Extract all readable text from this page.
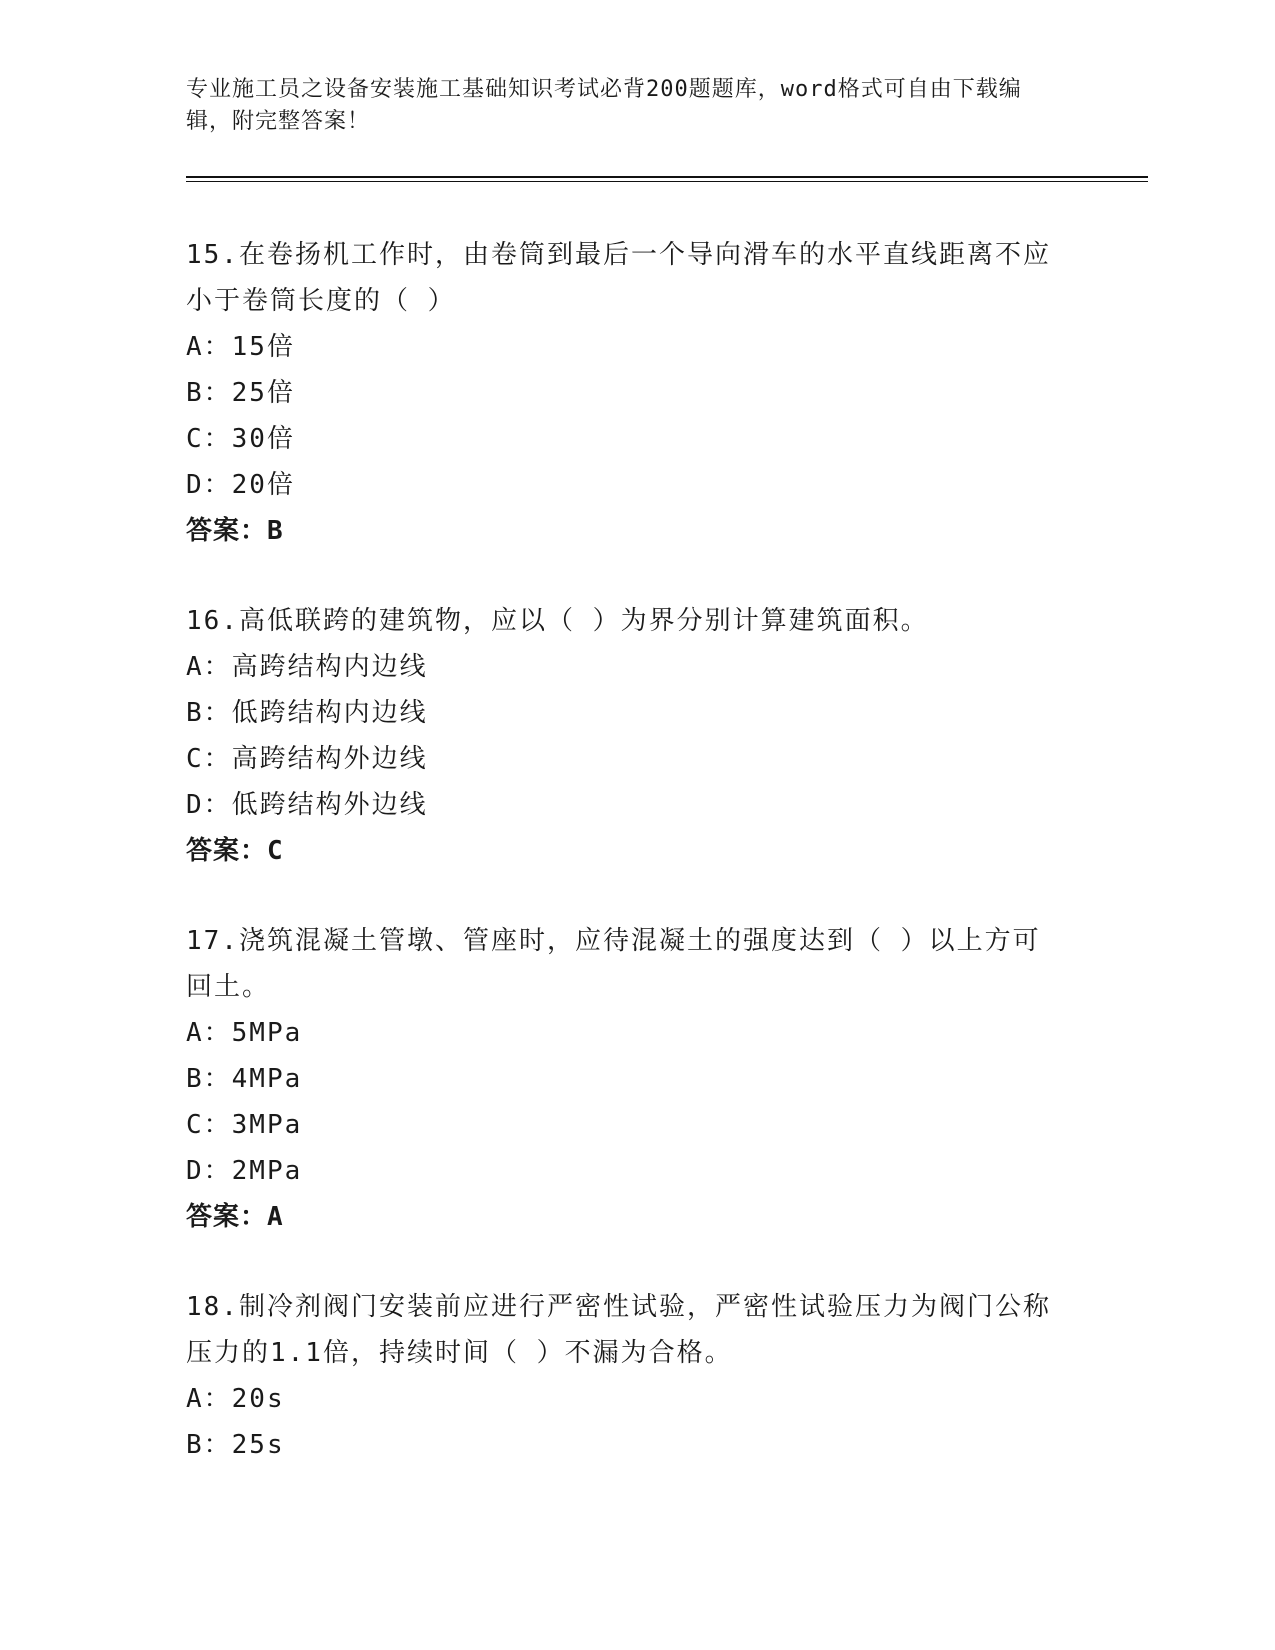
专业施工员之设备安装施工基础知识考试必背200题题库，word格式可自由下载编辑，附完整答案！
15.在卷扬机工作时，由卷筒到最后一个导向滑车的水平直线距离不应小于卷筒长度的（ ）
A：15倍
B：25倍
C：30倍
D：20倍
答案：B
16.高低联跨的建筑物，应以（ ）为界分别计算建筑面积。
A：高跨结构内边线
B：低跨结构内边线
C：高跨结构外边线
D：低跨结构外边线
答案：C
17.浇筑混凝土管墩、管座时，应待混凝土的强度达到（ ）以上方可回土。
A：5MPa
B：4MPa
C：3MPa
D：2MPa
答案：A
18.制冷剂阀门安装前应进行严密性试验，严密性试验压力为阀门公称压力的1.1倍，持续时间（ ）不漏为合格。
A：20s
B：25s
